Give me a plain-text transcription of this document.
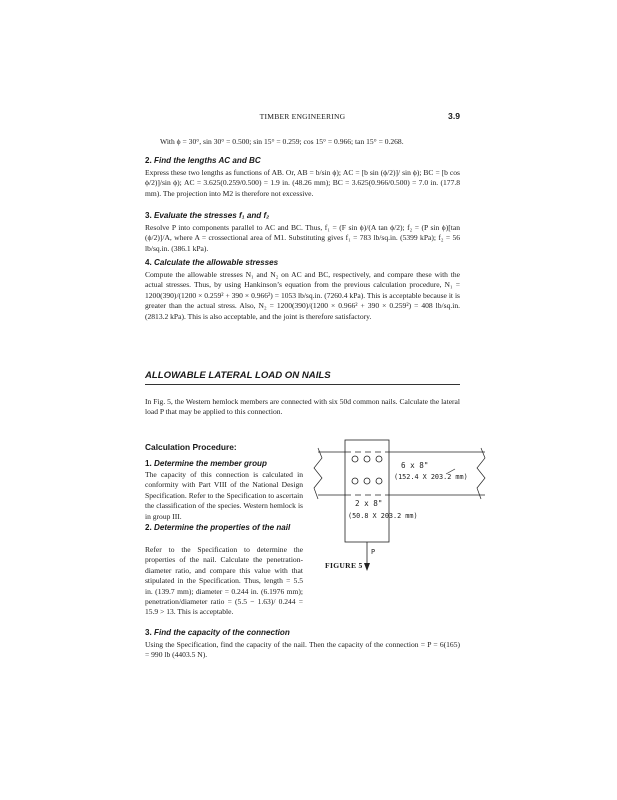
TIMBER ENGINEERING	3.9

With ϕ = 30°, sin 30° = 0.500; sin 15° = 0.259; cos 15° = 0.966; tan 15° = 0.268.

2. Find the lengths AC and BC

Express these two lengths as functions of AB. Or, AB = b/sin ϕ); AC = [b sin (ϕ/2)]/ sin ϕ); BC = [b cos ϕ/2)]/sin ϕ); AC = 3.625(0.259/0.500) = 1.9 in. (48.26 mm); BC = 3.625(0.966/0.500) = 7.0 in. (177.8 mm). The projection into M2 is therefore not excessive.

3. Evaluate the stresses f₁ and f₂

Resolve P into components parallel to AC and BC. Thus, f₁ = (F sin ϕ)/(A tan ϕ/2); f₂ = (P sin ϕ)[tan (ϕ/2)]/A, where A = crossectional area of M1. Substituting gives f₁ = 783 lb/sq.in. (5399 kPa); f₂ = 56 lb/sq.in. (386.1 kPa).

4. Calculate the allowable stresses

Compute the allowable stresses N₁ and N₂ on AC and BC, respectively, and compare these with the actual stresses. Thus, by using Hankinson’s equation from the previous calculation procedure, N₁ = 1200(390)/(1200 × 0.259² + 390 × 0.966²) = 1053 lb/sq.in. (7260.4 kPa). This is acceptable because it is greater than the actual stress. Also, N₂ = 1200(390)/(1200 × 0.966² + 390 × 0.259²) = 408 lb/sq.in. (2813.2 kPa). This is also acceptable, and the joint is therefore satisfactory.

ALLOWABLE LATERAL LOAD ON NAILS

In Fig. 5, the Western hemlock members are connected with six 50d common nails. Calculate the lateral load P that may be applied to this connection.

Calculation Procedure:

1. Determine the member group

The capacity of this connection is calculated in conformity with Part VIII of the National Design Specification. Refer to the Specification to ascertain the classification of the species. Western hemlock is in group III.

2. Determine the properties of the nail

Refer to the Specification to determine the properties of the nail. Calculate the penetration-diameter ratio, and compare this value with that stipulated in the Specification. Thus, length = 5.5 in. (139.7 mm); diameter = 0.244 in. (6.1976 mm); penetration/diameter ratio = (5.5 − 1.63)/ 0.244 = 15.9 > 13. This is acceptable.

3. Find the capacity of the connection

Using the Specification, find the capacity of the nail. Then the capacity of the connection = P = 6(165) = 990 lb (4403.5 N).

6 x 8"
(152.4 X 203.2 mm)
2 x 8"
(50.8 X 203.2 mm)
P

FIGURE 5
